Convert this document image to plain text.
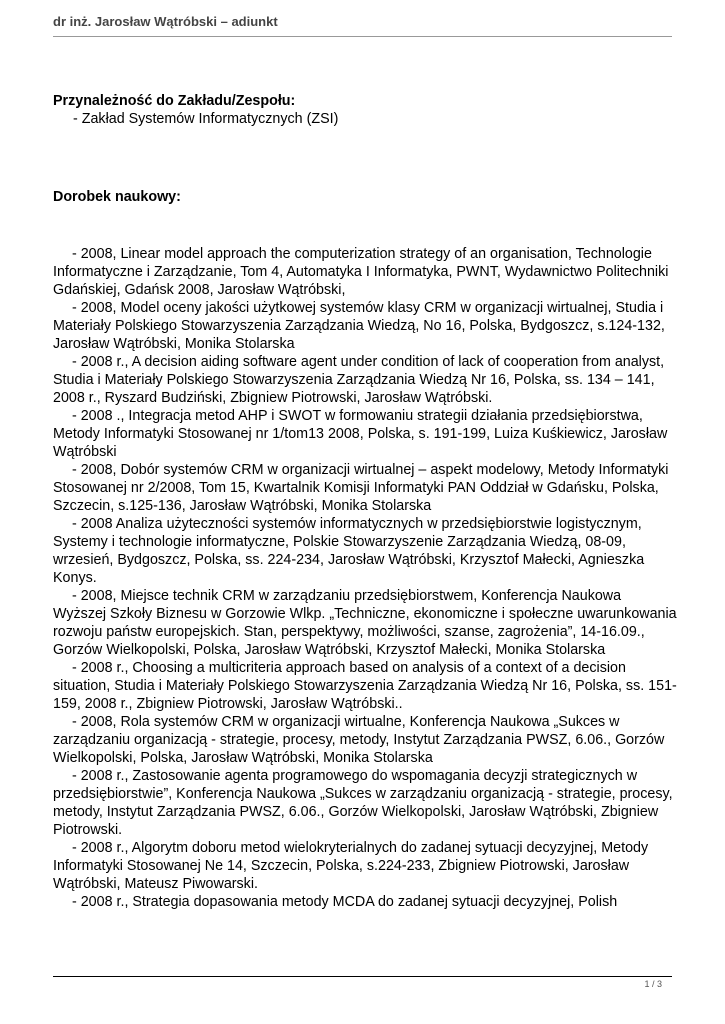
dr inż. Jarosław Wątróbski – adiunkt

Przynależność do Zakładu/Zespołu:

- Zakład Systemów Informatycznych (ZSI)

Dorobek naukowy:

- 2008, Linear model approach the computerization strategy of an organisation, Technologie Informatyczne i Zarządzanie, Tom 4, Automatyka I Informatyka, PWNT, Wydawnictwo Politechniki Gdańskiej, Gdańsk 2008, Jarosław Wątróbski,

- 2008, Model oceny jakości użytkowej systemów klasy CRM w organizacji wirtualnej, Studia i Materiały Polskiego Stowarzyszenia Zarządzania Wiedzą, No 16, Polska, Bydgoszcz, s.124-132, Jarosław Wątróbski, Monika Stolarska

- 2008 r., A decision aiding software agent under condition of lack of cooperation from analyst, Studia i Materiały Polskiego Stowarzyszenia Zarządzania Wiedzą Nr 16, Polska, ss. 134 – 141, 2008 r., Ryszard Budziński, Zbigniew Piotrowski, Jarosław Wątróbski.

- 2008 ., Integracja metod AHP i SWOT w formowaniu strategii działania przedsiębiorstwa, Metody Informatyki Stosowanej nr 1/tom13 2008, Polska, s. 191-199, Luiza Kuśkiewicz, Jarosław Wątróbski

- 2008, Dobór systemów CRM w organizacji wirtualnej – aspekt modelowy, Metody Informatyki Stosowanej nr 2/2008, Tom 15, Kwartalnik Komisji Informatyki PAN Oddział w Gdańsku, Polska, Szczecin, s.125-136, Jarosław Wątróbski, Monika Stolarska

- 2008 Analiza użyteczności systemów informatycznych w przedsiębiorstwie logistycznym, Systemy i technologie informatyczne, Polskie Stowarzyszenie Zarządzania Wiedzą, 08-09, wrzesień, Bydgoszcz, Polska, ss. 224-234, Jarosław Wątróbski, Krzysztof Małecki, Agnieszka Konys.

- 2008, Miejsce technik CRM w zarządzaniu przedsiębiorstwem, Konferencja Naukowa Wyższej Szkoły Biznesu w Gorzowie Wlkp. „Techniczne, ekonomiczne i społeczne uwarunkowania rozwoju państw europejskich. Stan, perspektywy, możliwości, szanse, zagrożenia”, 14-16.09., Gorzów Wielkopolski, Polska, Jarosław Wątróbski, Krzysztof Małecki, Monika Stolarska

- 2008 r., Choosing a multicriteria approach based on analysis of a context of a decision situation, Studia i Materiały Polskiego Stowarzyszenia Zarządzania Wiedzą Nr 16, Polska, ss. 151-159, 2008 r., Zbigniew Piotrowski, Jarosław Wątróbski..

- 2008, Rola systemów CRM w organizacji wirtualne, Konferencja Naukowa „Sukces w zarządzaniu organizacją - strategie, procesy, metody, Instytut Zarządzania PWSZ, 6.06., Gorzów Wielkopolski, Polska, Jarosław Wątróbski, Monika Stolarska

- 2008 r., Zastosowanie agenta programowego do wspomagania decyzji strategicznych w przedsiębiorstwie”, Konferencja Naukowa „Sukces w zarządzaniu organizacją - strategie, procesy, metody, Instytut Zarządzania PWSZ, 6.06., Gorzów Wielkopolski, Jarosław Wątróbski, Zbigniew Piotrowski.

- 2008 r., Algorytm doboru metod wielokryterialnych do zadanej sytuacji decyzyjnej, Metody Informatyki Stosowanej Ne 14, Szczecin, Polska, s.224-233, Zbigniew Piotrowski, Jarosław Wątróbski, Mateusz Piwowarski.

- 2008 r., Strategia dopasowania metody MCDA do zadanej sytuacji decyzyjnej, Polish

1 / 3
